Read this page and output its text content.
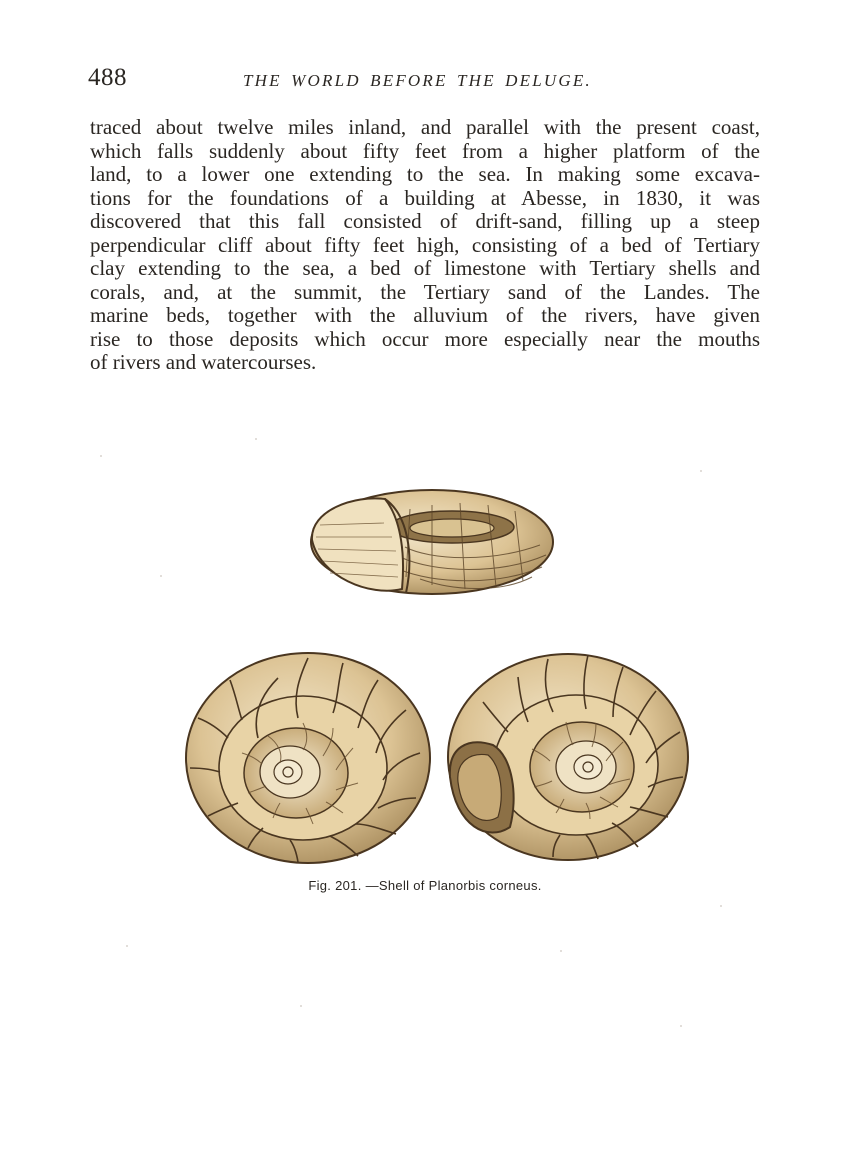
488	THE WORLD BEFORE THE DELUGE.

traced about twelve miles inland, and parallel with the present coast,
which falls suddenly about fifty feet from a higher platform of the
land, to a lower one extending to the sea. In making some excava-
tions for the foundations of a building at Abesse, in 1830, it was
discovered that this fall consisted of drift-sand, filling up a steep
perpendicular cliff about fifty feet high, consisting of a bed of Tertiary
clay extending to the sea, a bed of limestone with Tertiary shells and
corals, and, at the summit, the Tertiary sand of the Landes. The
marine beds, together with the alluvium of the rivers, have given
rise to those deposits which occur more especially near the mouths
of rivers and watercourses.

Fig. 201. —Shell of Planorbis corneus.
